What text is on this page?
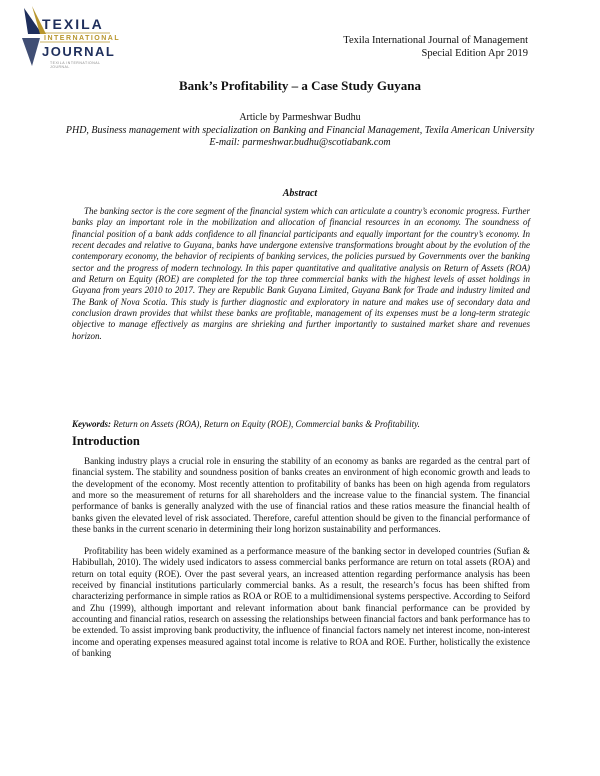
TEXILA
INTERNATIONAL
JOURNAL
TEXILA INTERNATIONAL JOURNAL
Texila International Journal of Management
Special Edition Apr 2019
Bank’s Profitability – a Case Study Guyana
Article by Parmeshwar Budhu
PHD, Business management with specialization on Banking and Financial Management, Texila American University
E-mail: parmeshwar.budhu@scotiabank.com
Abstract

The banking sector is the core segment of the financial system which can articulate a country’s economic progress. Further banks play an important role in the mobilization and allocation of financial resources in an economy. The soundness of financial position of a bank adds confidence to all financial participants and equally important for the country’s economy. In recent decades and relative to Guyana, banks have undergone extensive transformations brought about by the evolution of the contemporary economy, the behavior of recipients of banking services, the policies pursued by Governments over the banking sector and the progress of modern technology. In this paper quantitative and qualitative analysis on Return of Assets (ROA) and Return on Equity (ROE) are completed for the top three commercial banks with the highest levels of asset holdings in Guyana from years 2010 to 2017. They are Republic Bank Guyana Limited, Guyana Bank for Trade and industry limited and The Bank of Nova Scotia. This study is further diagnostic and exploratory in nature and makes use of secondary data and conclusion drawn provides that whilst these banks are profitable, management of its expenses must be a long-term strategic objective to manage effectively as margins are shrieking and further importantly to sustained market share and revenues horizon.

Keywords: Return on Assets (ROA), Return on Equity (ROE), Commercial banks & Profitability.
Introduction

Banking industry plays a crucial role in ensuring the stability of an economy as banks are regarded as the central part of financial system. The stability and soundness position of banks creates an environment of high economic growth and leads to the development of the economy. Most recently attention to profitability of banks has been on high agenda from regulators and more so the measurement of returns for all shareholders and the increase value to the financial system. The financial performance of banks is generally analyzed with the use of financial ratios and these ratios measure the financial health of banks given the elevated level of risk associated. Therefore, careful attention should be given to the financial performance of these banks in the current scenario in determining their long horizon sustainability and performances.

Profitability has been widely examined as a performance measure of the banking sector in developed countries (Sufian & Habibullah, 2010). The widely used indicators to assess commercial banks performance are return on total assets (ROA) and return on total equity (ROE). Over the past several years, an increased attention regarding performance analysis has been received by financial institutions particularly commercial banks. As a result, the research’s focus has been shifted from characterizing performance in simple ratios as ROA or ROE to a multidimensional systems perspective. According to Seiford and Zhu (1999), although important and relevant information about bank financial performance can be provided by accounting and financial ratios, research on assessing the relationships between financial factors and bank performance has to be extended. To assist improving bank productivity, the influence of financial factors namely net interest income, non-interest income and operating expenses measured against total income is relative to ROA and ROE. Further, holistically the existence of banking
